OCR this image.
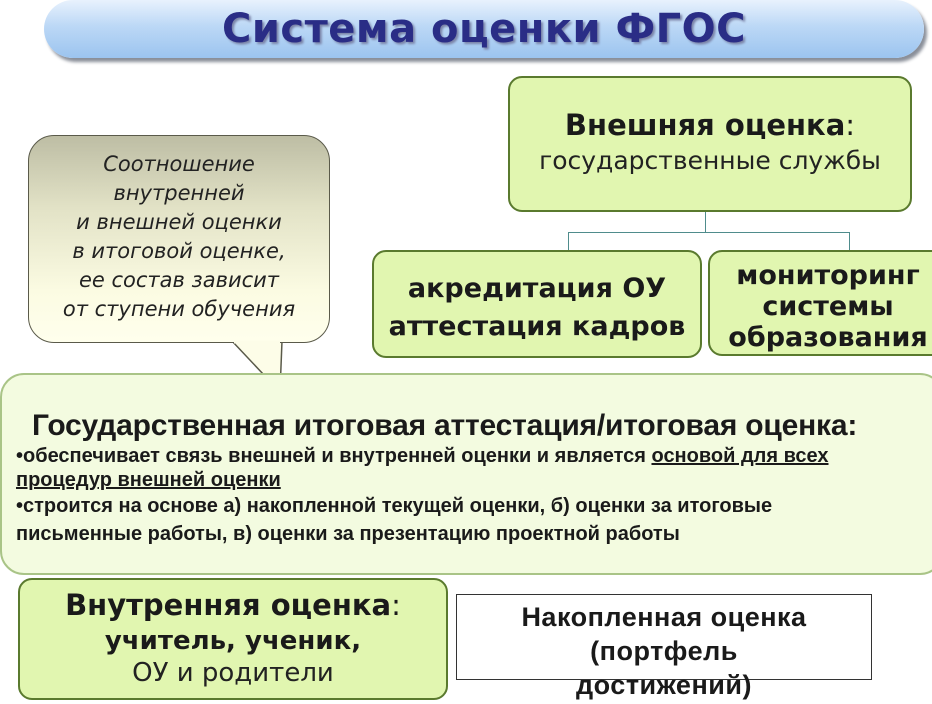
Система оценки ФГОС
Внешняя оценка:
государственные службы
акредитация ОУ
аттестация кадров
мониторинг
системы
образования
Соотношение
внутренней
и внешней оценки
в итоговой оценке,
ее состав зависит
от ступени обучения
Государственная итоговая аттестация/итоговая оценка:
•обеспечивает связь внешней и внутренней оценки и является основой для всех
процедур внешней оценки
•строится на основе а) накопленной текущей оценки, б) оценки за итоговые
письменные работы, в) оценки за презентацию проектной работы
Внутренняя оценка:
учитель, ученик,
ОУ и родители
Накопленная оценка
(портфель
достижений)
